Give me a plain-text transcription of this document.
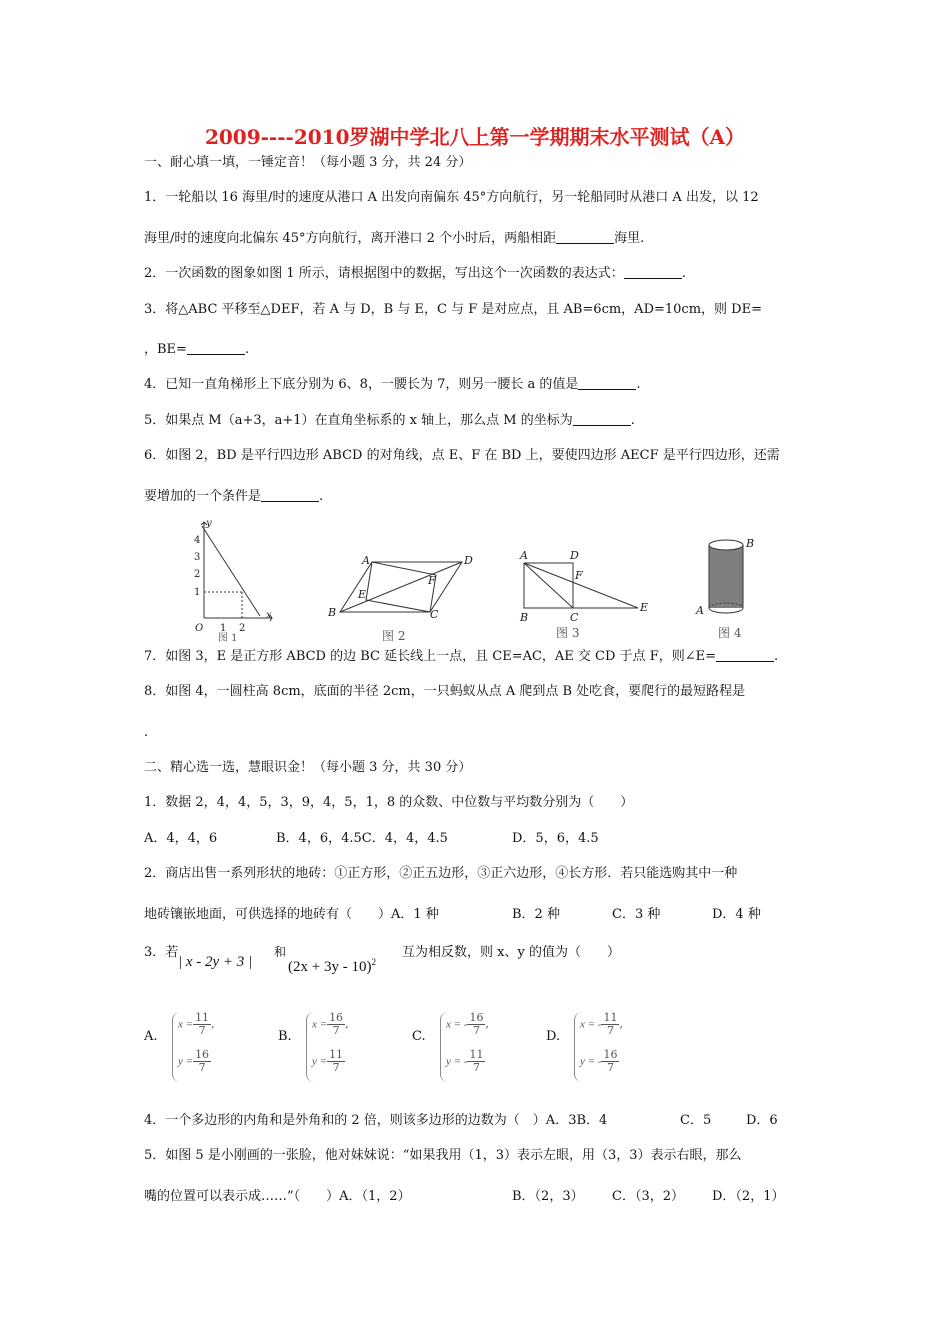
2009----2010罗湖中学北八上第一学期期末水平测试（A）
一、耐心填一填，一锤定音！（每小题 3 分，共 24 分）
1．一轮船以 16 海里/时的速度从港口 A 出发向南偏东 45°方向航行，另一轮船同时从港口 A 出发，以 12
海里/时的速度向北偏东 45°方向航行，离开港口 2 个小时后，两船相距	海里.
2．一次函数的图象如图 1 所示，请根据图中的数据，写出这个一次函数的表达式：	.
3．将△ABC 平移至△DEF，若 A 与 D，B 与 E，C 与 F 是对应点，且 AB=6cm，AD=10cm，则 DE=
，BE=	.
4．已知一直角梯形上下底分别为 6、8，一腰长为 7，则另一腰长 a 的值是	.
5．如果点 M（a+3，a+1）在直角坐标系的 x 轴上，那么点 M 的坐标为	.
6．如图 2，BD 是平行四边形 ABCD 的对角线，点 E、F 在 BD 上，要使四边形 AECF 是平行四边形，还需
要增加的一个条件是	.
y
x
4
3
2
1
1 2
O
图 1
A	D
B	C
E
F
图 2
A	D
F
B	C
E
图 3
A
B
图 4
7．如图 3，E 是正方形 ABCD 的边 BC 延长线上一点，且 CE=AC，AE 交 CD 于点 F，则∠E=	.
8．如图 4，一圆柱高 8cm，底面的半径 2cm，一只蚂蚁从点 A 爬到点 B 处吃食，要爬行的最短路程是
.
二、精心选一选，慧眼识金！（每小题 3 分，共 30 分）
1．数据 2，4，4，5，3，9，4，5，1，8 的众数、中位数与平均数分别为（　　）
A．4，4，6	B．4，6，4.5C．4，4，4.5	D．5，6，4.5
2．商店出售一系列形状的地砖：①正方形，②正五边形，③正六边形，④长方形．若只能选购其中一种
地砖镶嵌地面，可供选择的地砖有（　　）A．1 种	B．2 种	C．3 种	D．4 种
3．若
| x - 2y + 3 |
和
$(2x + 3y - 10)^2$
互为相反数，则 x、y 的值为（　　）
A.
$x = \frac{11}{7}$ ,
$y = \frac{16}{7}$
B.
$x = \frac{16}{7}$ ,
$y = \frac{11}{7}$
C.
x = - $\frac{16}{7}$ ,
y = - $\frac{11}{7}$
D.
x = - $\frac{11}{7}$ ,
y = - $\frac{16}{7}$
4．一个多边形的内角和是外角和的 2 倍，则该多边形的边数为（　）A．3B．4	C．5	D．6
5．如图 5 是小刚画的一张脸，他对妹妹说：“如果我用（1，3）表示左眼，用（3，3）表示右眼，那么
嘴的位置可以表示成……”（　　）A．（1，2）	B．（2，3） C．（3，2） D．（2，1）
